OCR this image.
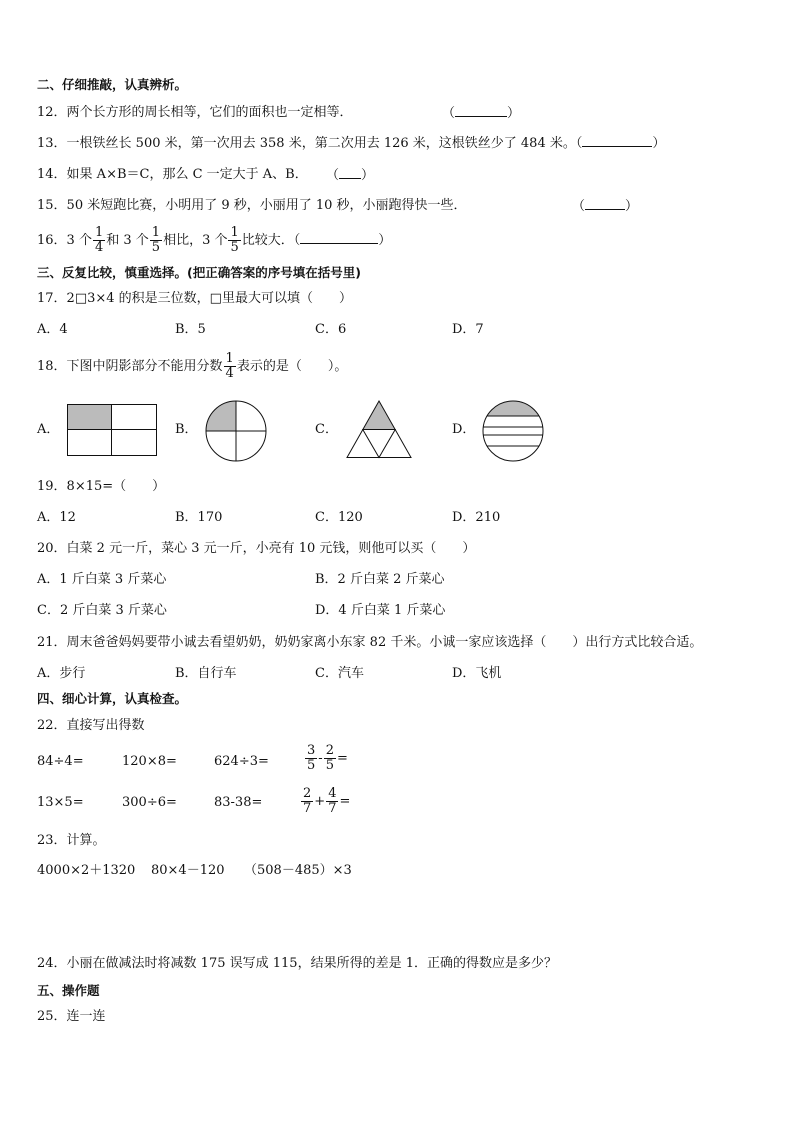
二、仔细推敲，认真辨析。
12．两个长方形的周长相等，它们的面积也一定相等．	（	）
13．一根铁丝长 500 米，第一次用去 358 米，第二次用去 126 米，这根铁丝少了 484 米。（	）
14．如果 A×B＝C，那么 C 一定大于 A、B． （ ）
15．50 米短跑比赛，小明用了 9 秒，小丽用了 10 秒，小丽跑得快一些．	（	）
16．3 个 $\frac{1}{4}$ 和 3 个 $\frac{1}{5}$ 相比，3 个 $\frac{1}{5}$ 比较大．（	）
三、反复比较，慎重选择。(把正确答案的序号填在括号里)
17．2□3×4 的积是三位数，□里最大可以填（　　）
A．4	B．5	C．6	D．7
18．下图中阴影部分不能用分数 $\frac{1}{4}$ 表示的是（　　）。
A．	B．	C．	D．
19．8×15=（　　）
A．12	B．170	C．120	D．210
20．白菜 2 元一斤，菜心 3 元一斤，小亮有 10 元钱，则他可以买（　　）
A．1 斤白菜 3 斤菜心	B．2 斤白菜 2 斤菜心
C．2 斤白菜 3 斤菜心	D．4 斤白菜 1 斤菜心
21．周末爸爸妈妈要带小诚去看望奶奶，奶奶家离小东家 82 千米。小诚一家应该选择（　　）出行方式比较合适。
A．步行	B．自行车	C．汽车	D．飞机
四、细心计算，认真检查。
22．直接写出得数
84÷4=	120×8=	624÷3=	$\frac{3}{5} - \frac{2}{5}$ =
13×5=	300÷6=	83-38=	$\frac{2}{7} + \frac{4}{7}$ =
23．计算。
4000×2＋1320 80×4－120 （508－485）×3
24．小丽在做减法时将减数 175 误写成 115，结果所得的差是 1．正确的得数应是多少？
五、操作题
25．连一连
